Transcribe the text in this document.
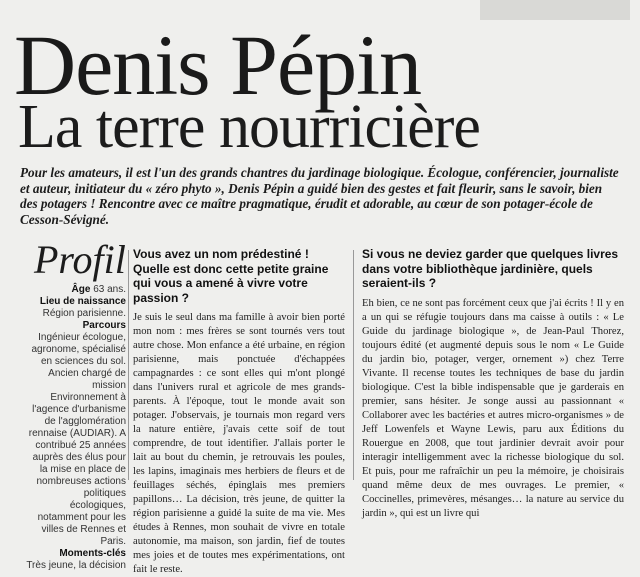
Denis Pépin
La terre nourricière

Pour les amateurs, il est l'un des grands chantres du jardinage biologique. Écologue, conférencier, journaliste et auteur, initiateur du « zéro phyto », Denis Pépin a guidé bien des gestes et fait fleurir, sans le savoir, bien des potagers ! Rencontre avec ce maître pragmatique, érudit et adorable, au cœur de son potager-école de Cesson-Sévigné.

Profil
Âge 63 ans.
Lieu de naissance
Région parisienne.
Parcours
Ingénieur écologue, agronome, spécialisé en sciences du sol. Ancien chargé de mission Environnement à l'agence d'urbanisme de l'agglomération rennaise (AUDIAR). A contribué 25 années auprès des élus pour la mise en place de nombreuses actions politiques écologiques, notamment pour les villes de Rennes et Paris.
Moments-clés
Très jeune, la décision

Vous avez un nom prédestiné ! Quelle est donc cette petite graine qui vous a amené à vivre votre passion ?

Je suis le seul dans ma famille à avoir bien porté mon nom : mes frères se sont tournés vers tout autre chose. Mon enfance a été urbaine, en région parisienne, mais ponctuée d'échappées campagnardes : ce sont elles qui m'ont plongé dans l'univers rural et agricole de mes grands-parents. À l'époque, tout le monde avait son potager. J'observais, je tournais mon regard vers la nature entière, j'avais cette soif de tout comprendre, de tout identifier. J'allais porter le lait au bout du chemin, je retrouvais les poules, les lapins, imaginais mes herbiers de fleurs et de feuillages séchés, épinglais mes premiers papillons… La décision, très jeune, de quitter la région parisienne a guidé la suite de ma vie. Mes études à Rennes, mon souhait de vivre en totale autonomie, ma maison, son jardin, fief de toutes mes joies et de toutes mes expérimentations, ont fait le reste.

Si vous ne deviez garder que quelques livres dans votre bibliothèque jardinière, quels seraient-ils ?

Eh bien, ce ne sont pas forcément ceux que j'ai écrits ! Il y en a un qui se réfugie toujours dans ma caisse à outils : « Le Guide du jardinage biologique », de Jean-Paul Thorez, toujours édité (et augmenté depuis sous le nom « Le Guide du jardin bio, potager, verger, ornement ») chez Terre Vivante. Il recense toutes les techniques de base du jardin biologique. C'est la bible indispensable que je garderais en premier, sans hésiter. Je songe aussi au passionnant « Collaborer avec les bactéries et autres micro-organismes » de Jeff Lowenfels et Wayne Lewis, paru aux Éditions du Rouergue en 2008, que tout jardinier devrait avoir pour interagir intelligemment avec la richesse biologique du sol. Et puis, pour me rafraîchir un peu la mémoire, je choisirais quand même deux de mes ouvrages. Le premier, « Coccinelles, primevères, mésanges… la nature au service du jardin », qui est un livre qui
